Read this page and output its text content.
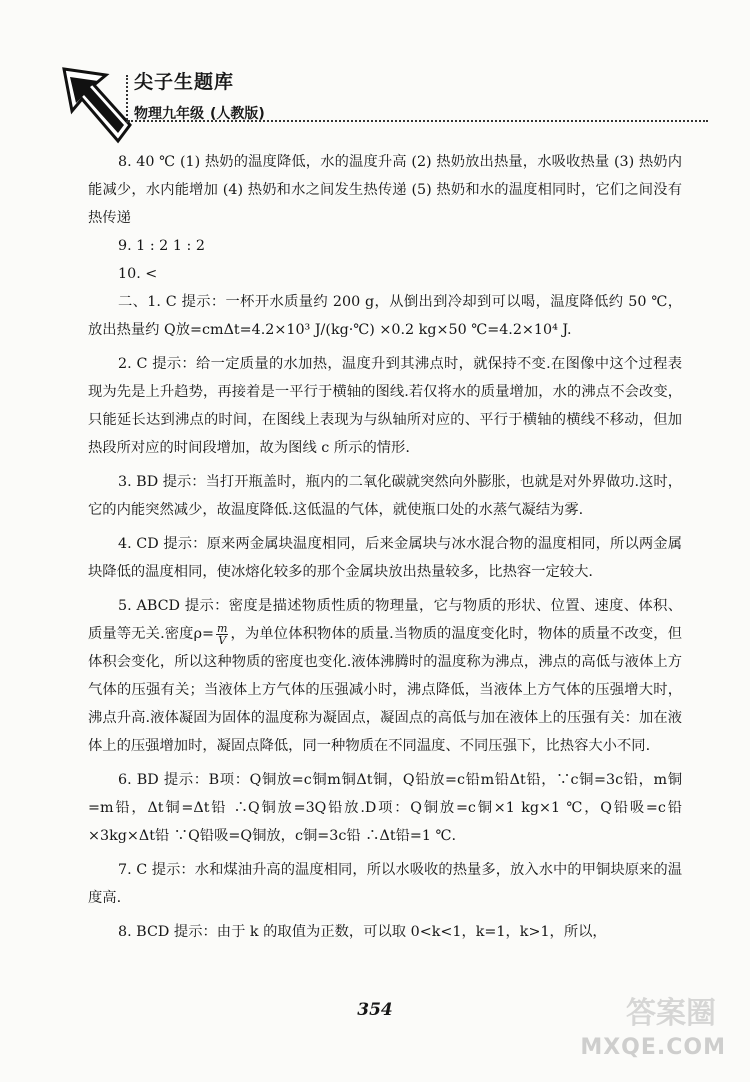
尖子生题库
物理九年级 (人教版)

8. 40 ℃ (1) 热奶的温度降低，水的温度升高 (2) 热奶放出热量，水吸收热量 (3) 热奶内能减少，水内能增加 (4) 热奶和水之间发生热传递 (5) 热奶和水的温度相同时，它们之间没有热传递

9. 1 : 2 1 : 2

10. <

二、1. C 提示：一杯开水质量约 200 g，从倒出到冷却到可以喝，温度降低约 50 ℃，放出热量约 Q放=cmΔt=4.2×10³ J/(kg·℃) ×0.2 kg×50 ℃=4.2×10⁴ J.

2. C 提示：给一定质量的水加热，温度升到其沸点时，就保持不变.在图像中这个过程表现为先是上升趋势，再接着是一平行于横轴的图线.若仅将水的质量增加，水的沸点不会改变，只能延长达到沸点的时间，在图线上表现为与纵轴所对应的、平行于横轴的横线不移动，但加热段所对应的时间段增加，故为图线 c 所示的情形.

3. BD 提示：当打开瓶盖时，瓶内的二氧化碳就突然向外膨胀，也就是对外界做功.这时，它的内能突然减少，故温度降低.这低温的气体，就使瓶口处的水蒸气凝结为雾.

4. CD 提示：原来两金属块温度相同，后来金属块与冰水混合物的温度相同，所以两金属块降低的温度相同，使冰熔化较多的那个金属块放出热量较多，比热容一定较大.

5. ABCD 提示：密度是描述物质性质的物理量，它与物质的形状、位置、速度、体积、质量等无关.密度$\rho= \frac{m}{V}$ ，为单位体积物体的质量.当物质的温度变化时，物体的质量不改变，但体积会变化，所以这种物质的密度也变化.液体沸腾时的温度称为沸点，沸点的高低与液体上方气体的压强有关；当液体上方气体的压强减小时，沸点降低，当液体上方气体的压强增大时，沸点升高.液体凝固为固体的温度称为凝固点，凝固点的高低与加在液体上的压强有关：加在液体上的压强增加时，凝固点降低，同一种物质在不同温度、不同压强下，比热容大小不同.

6. BD 提示：B项：Q铜放=c铜m铜Δt铜，Q铅放=c铅m铅Δt铅，∵c铜=3c铅，m铜=m铅，Δt铜=Δt铅 ∴Q铜放=3Q铅放.D项：Q铜放=c铜×1 kg×1 ℃，Q铅吸=c铅×3kg×Δt铅 ∵Q铅吸=Q铜放，c铜=3c铅 ∴Δt铅=1 ℃.

7. C 提示：水和煤油升高的温度相同，所以水吸收的热量多，放入水中的甲铜块原来的温度高.

8. BCD 提示：由于 k 的取值为正数，可以取 0<k<1，k=1，k>1，所以，

354	答案圈
MXQE.COM
